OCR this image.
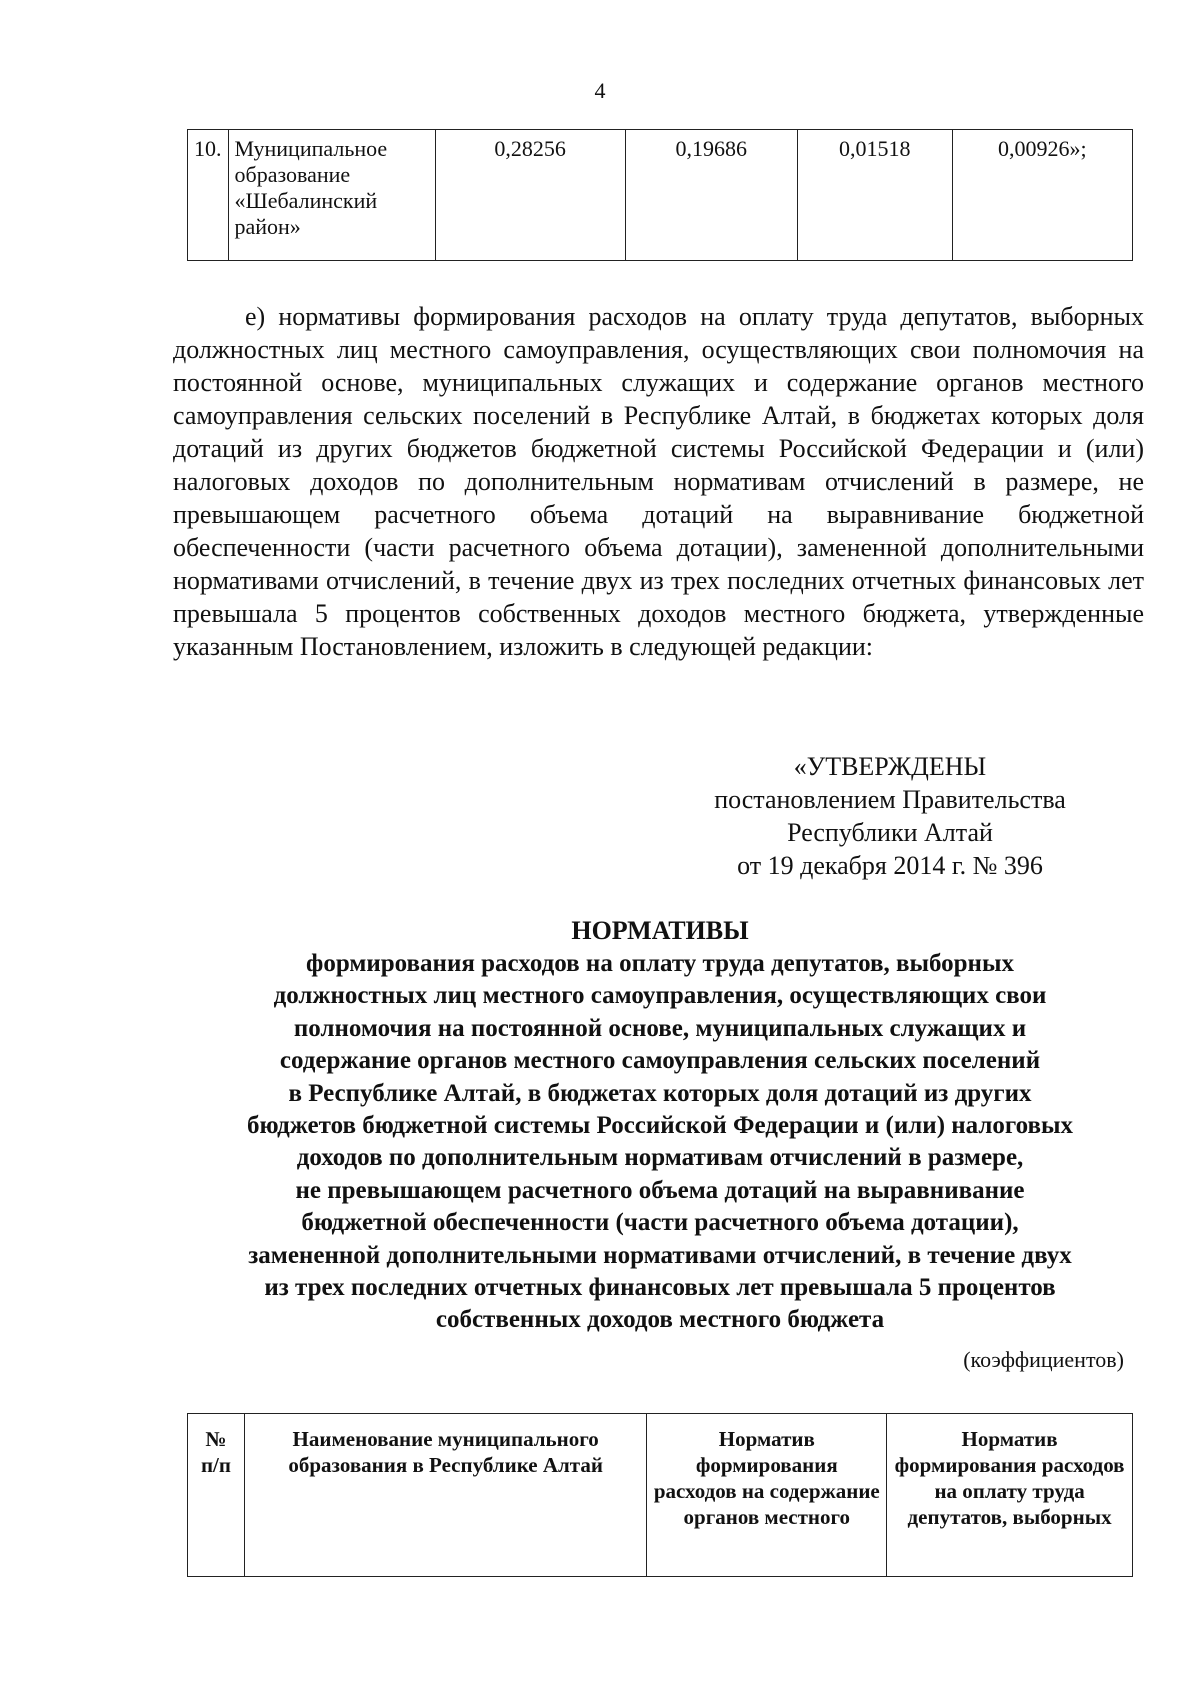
4
10.	Муниципальное образование «Шебалинский район»	0,28256	0,19686	0,01518	0,00926»;

е) нормативы формирования расходов на оплату труда депутатов, выборных должностных лиц местного самоуправления, осуществляющих свои полномочия на постоянной основе, муниципальных служащих и содержание органов местного самоуправления сельских поселений в Республике Алтай, в бюджетах которых доля дотаций из других бюджетов бюджетной системы Российской Федерации и (или) налоговых доходов по дополнительным нормативам отчислений в размере, не превышающем расчетного объема дотаций на выравнивание бюджетной обеспеченности (части расчетного объема дотации), замененной дополнительными нормативами отчислений, в течение двух из трех последних отчетных финансовых лет превышала 5 процентов собственных доходов местного бюджета, утвержденные указанным Постановлением, изложить в следующей редакции:

«УТВЕРЖДЕНЫ
постановлением Правительства
Республики Алтай
от 19 декабря 2014 г. № 396
НОРМАТИВЫ
формирования расходов на оплату труда депутатов, выборных
должностных лиц местного самоуправления, осуществляющих свои
полномочия на постоянной основе, муниципальных служащих и
содержание органов местного самоуправления сельских поселений
в Республике Алтай, в бюджетах которых доля дотаций из других
бюджетов бюджетной системы Российской Федерации и (или) налоговых
доходов по дополнительным нормативам отчислений в размере,
не превышающем расчетного объема дотаций на выравнивание
бюджетной обеспеченности (части расчетного объема дотации),
замененной дополнительными нормативами отчислений, в течение двух
из трех последних отчетных финансовых лет превышала 5 процентов
собственных доходов местного бюджета
(коэффициентов)
№ п/п	Наименование муниципального образования в Республике Алтай	Норматив формирования расходов на содержание органов местного	Норматив формирования расходов на оплату труда депутатов, выборных
